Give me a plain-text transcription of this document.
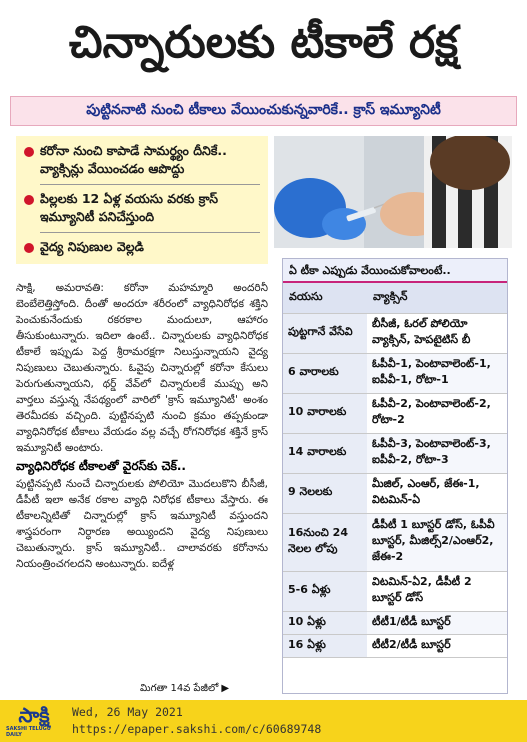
చిన్నారులకు టీకాలే రక్ష
పుట్టిననాటి నుంచి టీకాలు వేయించుకున్నవారికే.. క్రాస్ ఇమ్యూనిటీ
కరోనా నుంచి కాపాడే సామర్థ్యం దీనికే.. వ్యాక్సిన్లు వేయించడం ఆపొద్దు
పిల్లలకు 12 ఏళ్ల వయసు వరకు క్రాస్ ఇమ్యూనిటీ పనిచేస్తుంది
వైద్య నిపుణుల వెల్లడి

సాక్షి, అమరావతి: కరోనా మహమ్మారి అందరినీ బెంబేలెత్తిస్తోంది. దీంతో అందరూ శరీరంలో వ్యాధినిరోధక శక్తిని పెంచుకునేందుకు రకరకాల మందులూ, ఆహారం తీసుకుంటున్నారు. ఇదిలా ఉంటే.. చిన్నారులకు వ్యాధినిరోధక టీకాలే ఇప్పుడు పెద్ద శ్రీరామరక్షగా నిలుస్తున్నాయని వైద్య నిపుణులు చెబుతున్నారు. ఓవైపు చిన్నారుల్లో కరోనా కేసులు పెరుగుతున్నాయని, థర్డ్ వేవ్‌లో చిన్నారులకే ముప్పు అని వార్తలు వస్తున్న నేపథ్యంలో వారిలో 'క్రాస్ ఇమ్యూనిటీ' అంశం తెరమీదకు వచ్చింది. పుట్టినప్పటి నుంచి క్రమం తప్పకుండా వ్యాధినిరోధక టీకాలు వేయడం వల్ల వచ్చే రోగనిరోధక శక్తినే క్రాస్ ఇమ్యూనిటీ అంటారు.

వ్యాధినిరోధక టీకాలతో వైరస్‌కు చెక్..

పుట్టినప్పటి నుంచే చిన్నారులకు పోలియో మొదలుకొని బీసీజీ, డీపీటీ ఇలా అనేక రకాల వ్యాధి నిరోధక టీకాలు వేస్తారు. ఈ టీకాలన్నిటితో చిన్నారుల్లో క్రాస్ ఇమ్యూనిటీ వస్తుందని శాస్త్రపరంగా నిర్ధారణ అయ్యిందని వైద్య నిపుణులు చెబుతున్నారు. క్రాస్ ఇమ్యూనిటీ.. చాలావరకు కరోనాను నియంత్రించగలదని అంటున్నారు. ఐదేళ్ల

మిగతా 14వ పేజీలో ▶
ఏ టీకా ఎప్పుడు వేయించుకోవాలంటే..
వయసు	వ్యాక్సిన్
పుట్టగానే వేసేవి	బీసీజీ, ఓరల్ పోలియో వ్యాక్సిన్, హెపటైటిస్ బీ
6 వారాలకు	ఓపీవీ-1, పెంటావాలెంట్-1, ఐపీవీ-1, రోటా-1
10 వారాలకు	ఓపీవీ-2, పెంటావాలెంట్-2, రోటా-2
14 వారాలకు	ఓపీవీ-3, పెంటావాలెంట్-3, ఐపీవీ-2, రోటా-3
9 నెలలకు	మీజిల్, ఎంఆర్, జేఈ-1, విటమిన్-ఏ
16నుంచి 24 నెలల లోపు	డీపీటీ 1 బూస్టర్ డోస్, ఓపీవీ బూస్టర్, మీజిల్స్2/ఎంఆర్2, జేఈ-2
5-6 ఏళ్లు	విటమిన్-ఏ2, డీపీటీ 2 బూస్టర్ డోస్
10 ఏళ్లు	టీటీ1/టీడీ బూస్టర్
16 ఏళ్లు	టీటీ2/టీడీ బూస్టర్
సాక్షి
SAKSHI TELUGU DAILY
Wed, 26 May 2021
https://epaper.sakshi.com/c/60689748
